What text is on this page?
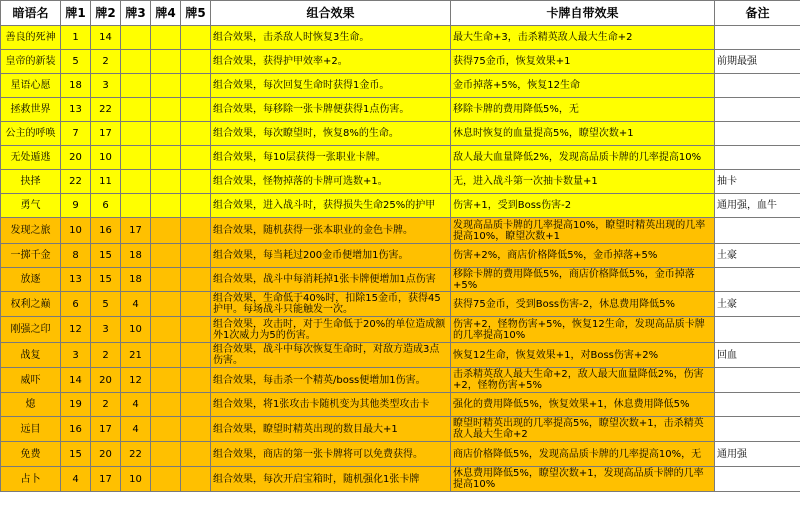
暗语名	牌1	牌2	牌3	牌4	牌5	组合效果	卡牌自带效果	备注
善良的死神	1	14				组合效果，击杀敌人时恢复3生命。	最大生命+3，击杀精英敌人最大生命+2	
皇帝的新装	5	2				组合效果，获得护甲效率+2。	获得75金币，恢复效果+1	前期最强
星语心愿	18	3				组合效果，每次回复生命时获得1金币。	金币掉落+5%，恢复12生命	
拯救世界	13	22				组合效果，每移除一张卡牌便获得1点伤害。	移除卡牌的费用降低5%，无	
公主的呼唤	7	17				组合效果，每次瞭望时，恢复8%的生命。	休息时恢复的血量提高5%，瞭望次数+1	
无处遁逃	20	10				组合效果，每10层获得一张职业卡牌。	敌人最大血量降低2%，发现高品质卡牌的几率提高10%	
抉择	22	11				组合效果，怪物掉落的卡牌可选数+1。	无，进入战斗第一次抽卡数量+1	抽卡
勇气	9	6				组合效果，进入战斗时，获得损失生命25%的护甲	伤害+1，受到Boss伤害-2	通用强，血牛
发现之旅	10	16	17			组合效果，随机获得一张本职业的金色卡牌。	发现高品质卡牌的几率提高10%，瞭望时精英出现的几率提高10%，瞭望次数+1	
一掷千金	8	15	18			组合效果，每当耗过200金币便增加1伤害。	伤害+2%，商店价格降低5%，金币掉落+5%	土豪
放逐	13	15	18			组合效果，战斗中每消耗掉1张卡牌便增加1点伤害	移除卡牌的费用降低5%，商店价格降低5%，金币掉落+5%	
权利之巅	6	5	4			组合效果，生命低于40%时，扣除15金币，获得45护甲。每场战斗只能触发一次。	获得75金币，受到Boss伤害-2，休息费用降低5%	土豪
刚强之印	12	3	10			组合效果，攻击时，对于生命低于20%的单位造成额外1次威力为5的伤害。	伤害+2，怪物伤害+5%，恢复12生命，发现高品质卡牌的几率提高10%	
战复	3	2	21			组合效果，战斗中每次恢复生命时，对敌方造成3点伤害。	恢复12生命，恢复效果+1，对Boss伤害+2%	回血
威吓	14	20	12			组合效果，每击杀一个精英/boss便增加1伤害。	击杀精英敌人最大生命+2，敌人最大血量降低2%，伤害+2，怪物伤害+5%	
熄	19	2	4			组合效果，将1张攻击卡随机变为其他类型攻击卡	强化的费用降低5%，恢复效果+1，休息费用降低5%	
远目	16	17	4			组合效果，瞭望时精英出现的数目最大+1	瞭望时精英出现的几率提高5%，瞭望次数+1，击杀精英敌人最大生命+2	
免费	15	20	22			组合效果，商店的第一张卡牌将可以免费获得。	商店价格降低5%，发现高品质卡牌的几率提高10%，无	通用强
占卜	4	17	10			组合效果，每次开启宝箱时，随机强化1张卡牌	休息费用降低5%，瞭望次数+1，发现高品质卡牌的几率提高10%	
